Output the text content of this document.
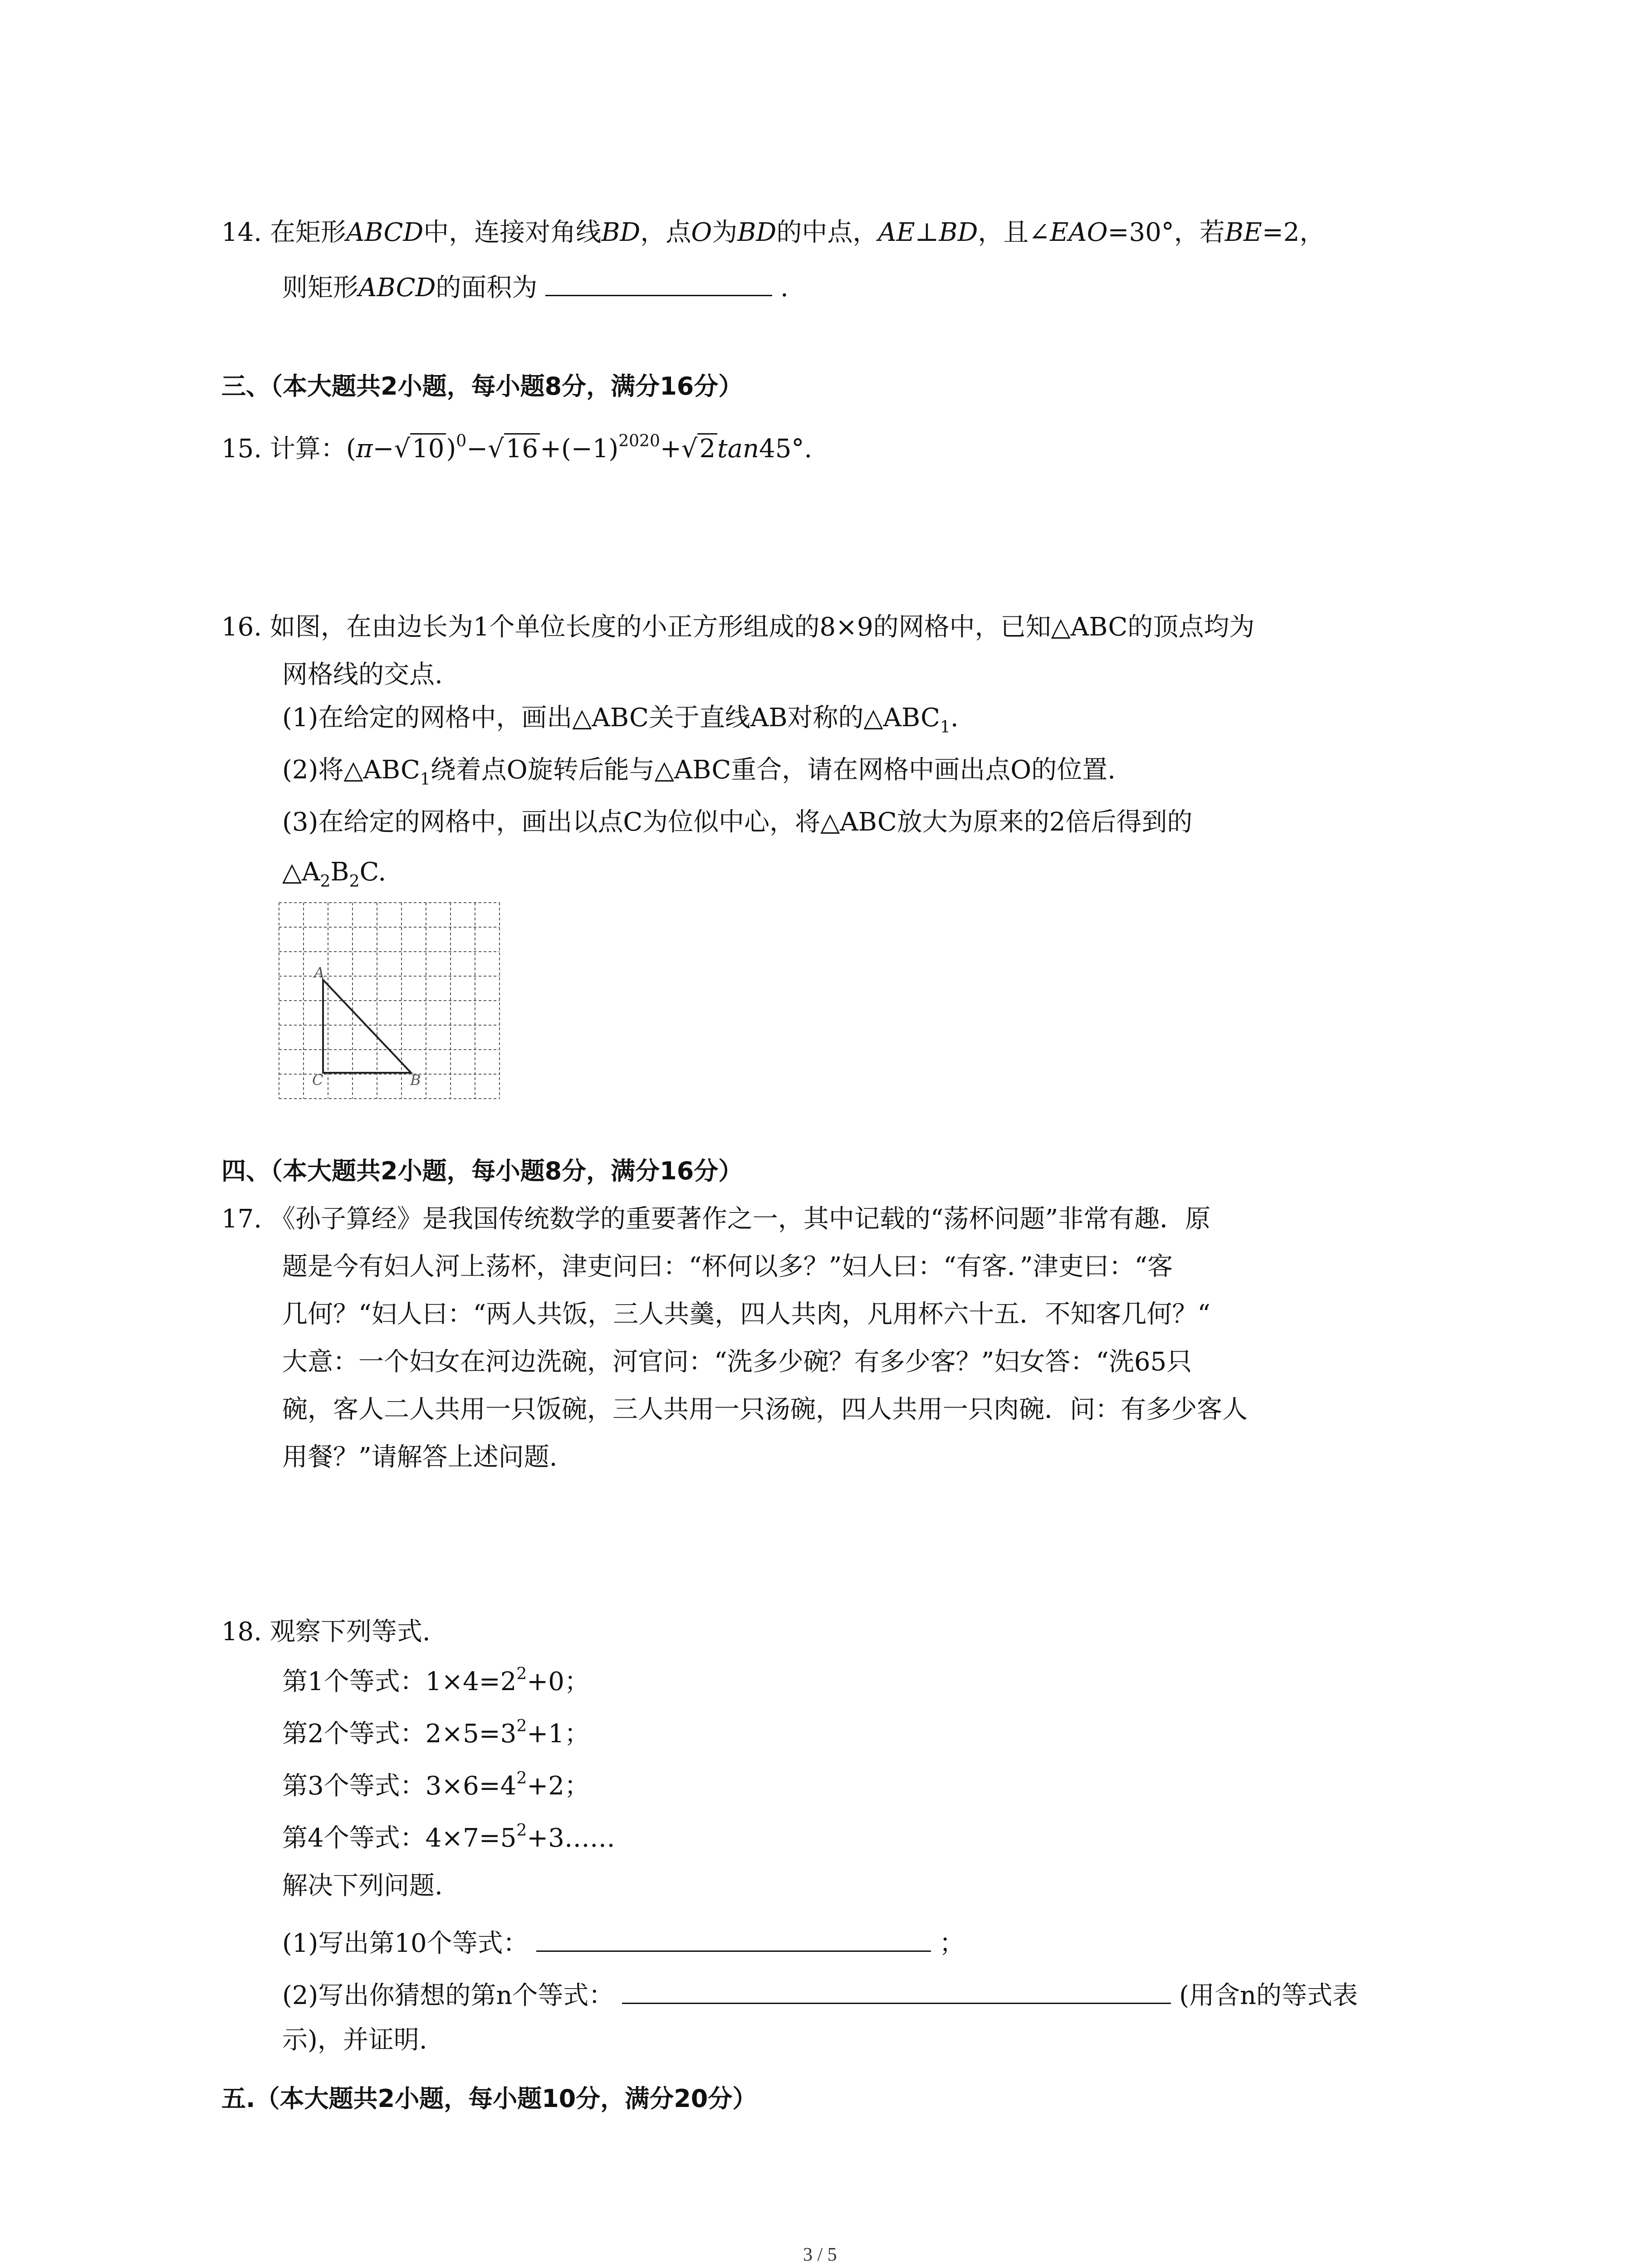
14. 在矩形ABCD中，连接对角线BD，点O为BD的中点，AE⊥BD，且∠EAO=30°，若BE=2，
则矩形ABCD的面积为	.
三、（本大题共2小题，每小题8分，满分16分）
15. 计算：$(\pi-√10)^0-√16+(-1)^{2020}+√2\tan 45^\circ$.
16. 如图，在由边长为1个单位长度的小正方形组成的8×9的网格中，已知△ABC的顶点均为
网格线的交点.
(1)在给定的网格中，画出△ABC关于直线AB对称的$\triangle ABC_1$.
(2)将$\triangle ABC_1$绕着点O旋转后能与△ABC重合，请在网格中画出点O的位置.
(3)在给定的网格中，画出以点C为位似中心，将△ABC放大为原来的2倍后得到的
$\triangle A_2B_2C$.
A
C	B
四、（本大题共2小题，每小题8分，满分16分）
17. 《孙子算经》是我国传统数学的重要著作之一，其中记载的“荡杯问题”非常有趣．原
题是今有妇人河上荡杯，津吏问曰：“杯何以多？”妇人曰：“有客．”津吏曰：“客
几何？“妇人曰：“两人共饭，三人共羹，四人共肉，凡用杯六十五．不知客几何？“
大意：一个妇女在河边洗碗，河官问：“洗多少碗？有多少客？”妇女答：“洗65只
碗，客人二人共用一只饭碗，三人共用一只汤碗，四人共用一只肉碗．问：有多少客人
用餐？”请解答上述问题.
18. 观察下列等式.
第1个等式：$1\times 4=2^2+0$；
第2个等式：$2\times 5=3^2+1$；
第3个等式：$3\times 6=4^2+2$；
第4个等式：$4\times 7=5^2+3\dots\dots$
解决下列问题.
(1)写出第10个等式：	；
(2)写出你猜想的第n个等式：	(用含n的等式表
示)，并证明.
五.（本大题共2小题，每小题10分，满分20分）
3 / 5
